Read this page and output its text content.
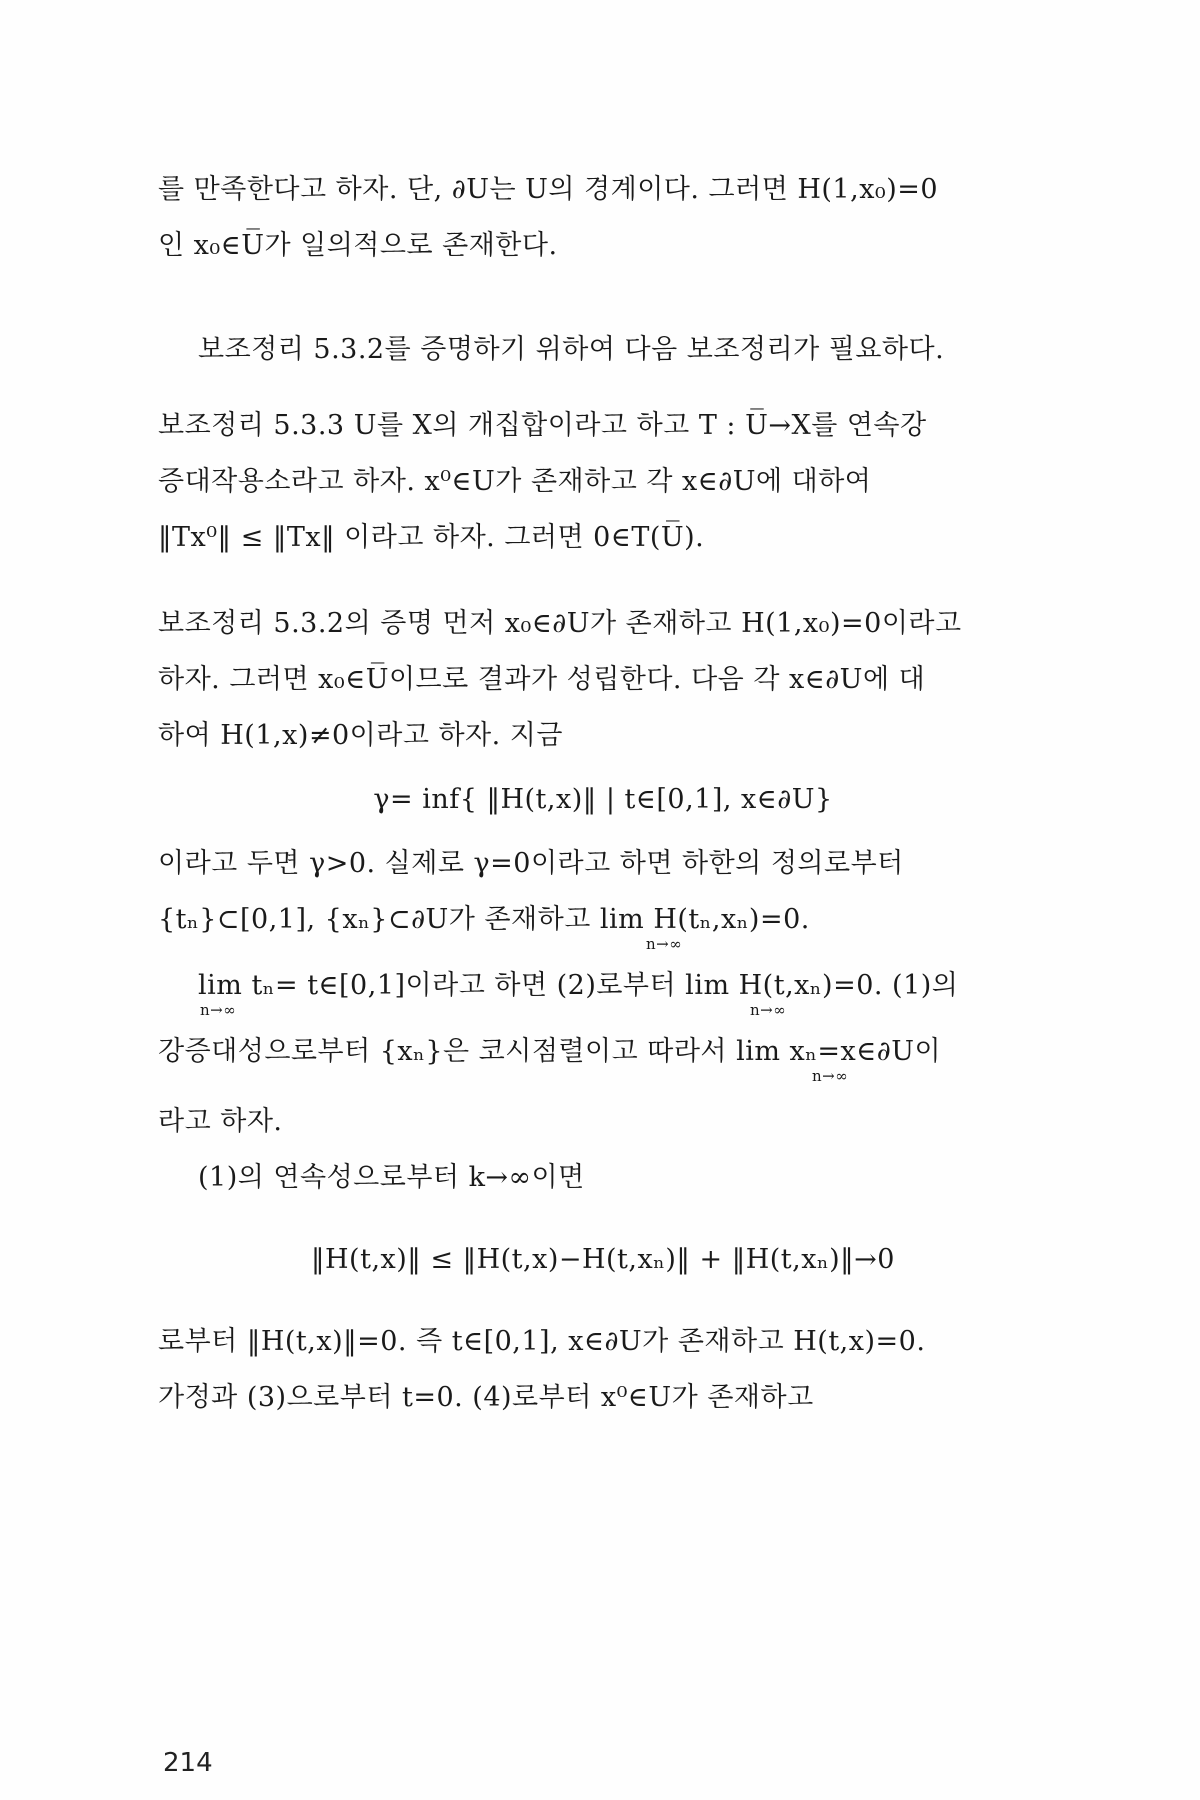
를 만족한다고 하자. 단, ∂U는 U의 경계이다. 그러면 H(1,x₀)=0
인 x₀∈U̅가 일의적으로 존재한다.
보조정리 5.3.2를 증명하기 위하여 다음 보조정리가 필요하다.
보조정리 5.3.3 U를 X의 개집합이라고 하고 T : U̅→X를 연속강
증대작용소라고 하자. x⁰∈U가 존재하고 각 x∈∂U에 대하여
‖Tx⁰‖ ≤ ‖Tx‖ 이라고 하자. 그러면 0∈T(U̅).
보조정리 5.3.2의 증명 먼저 x₀∈∂U가 존재하고 H(1,x₀)=0이라고
하자. 그러면 x₀∈U̅이므로 결과가 성립한다. 다음 각 x∈∂U에 대
하여 H(1,x)≠0이라고 하자. 지금
γ= inf{ ‖H(t,x)‖ | t∈[0,1], x∈∂U}
이라고 두면 γ>0. 실제로 γ=0이라고 하면 하한의 정의로부터
{tₙ}⊂[0,1], {xₙ}⊂∂U가 존재하고 lim H(tₙ,xₙ)=0.
n→∞
lim tₙ= t∈[0,1]이라고 하면 (2)로부터 lim H(t,xₙ)=0. (1)의
n→∞	n→∞
강증대성으로부터 {xₙ}은 코시점렬이고 따라서 lim xₙ=x∈∂U이
n→∞
라고 하자.
(1)의 연속성으로부터 k→∞이면
‖H(t,x)‖ ≤ ‖H(t,x)−H(t,xₙ)‖ + ‖H(t,xₙ)‖→0
로부터 ‖H(t,x)‖=0. 즉 t∈[0,1], x∈∂U가 존재하고 H(t,x)=0.
가정과 (3)으로부터 t=0. (4)로부터 x⁰∈U가 존재하고
214
